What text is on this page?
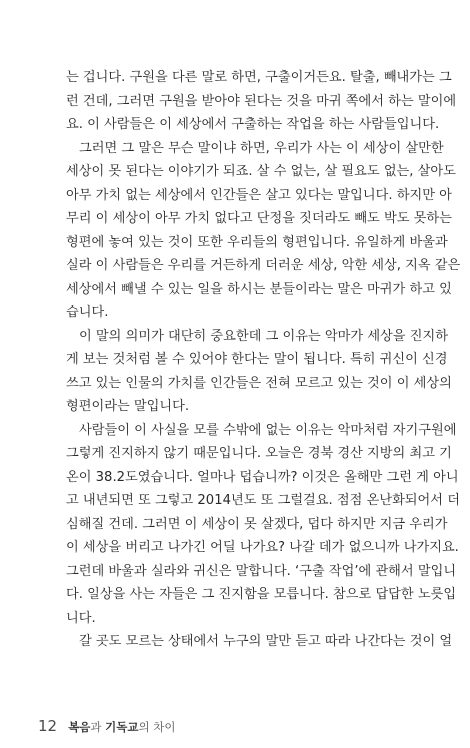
는 겁니다. 구원을 다른 말로 하면, 구출이거든요. 탈출, 빼내가는 그
런 건데, 그러면 구원을 받아야 된다는 것을 마귀 쪽에서 하는 말이에
요. 이 사람들은 이 세상에서 구출하는 작업을 하는 사람들입니다.
그러면 그 말은 무슨 말이냐 하면, 우리가 사는 이 세상이 살만한
세상이 못 된다는 이야기가 되죠. 살 수 없는, 살 필요도 없는, 살아도
아무 가치 없는 세상에서 인간들은 살고 있다는 말입니다. 하지만 아
무리 이 세상이 아무 가치 없다고 단정을 짓더라도 빼도 박도 못하는
형편에 놓여 있는 것이 또한 우리들의 형편입니다. 유일하게 바울과
실라 이 사람들은 우리를 거든하게 더러운 세상, 악한 세상, 지옥 같은
세상에서 빼낼 수 있는 일을 하시는 분들이라는 말은 마귀가 하고 있
습니다.
이 말의 의미가 대단히 중요한데 그 이유는 악마가 세상을 진지하
게 보는 것처럼 볼 수 있어야 한다는 말이 됩니다. 특히 귀신이 신경
쓰고 있는 인물의 가치를 인간들은 전혀 모르고 있는 것이 이 세상의
형편이라는 말입니다.
사람들이 이 사실을 모를 수밖에 없는 이유는 악마처럼 자기구원에
그렇게 진지하지 않기 때문입니다. 오늘은 경북 경산 지방의 최고 기
온이 38.2도였습니다. 얼마나 덥습니까? 이것은 올해만 그런 게 아니
고 내년되면 또 그렇고 2014년도 또 그럴걸요. 점점 온난화되어서 더
심해질 건데. 그러면 이 세상이 못 살겠다, 덥다 하지만 지금 우리가
이 세상을 버리고 나가긴 어딜 나가요? 나갈 데가 없으니까 나가지요.
그런데 바울과 실라와 귀신은 말합니다. ‘구출 작업’에 관해서 말입니
다. 일상을 사는 자들은 그 진지함을 모릅니다. 참으로 답답한 노릇입
니다.
갈 곳도 모르는 상태에서 누구의 말만 듣고 따라 나간다는 것이 얼
12 복음과 기독교의 차이
